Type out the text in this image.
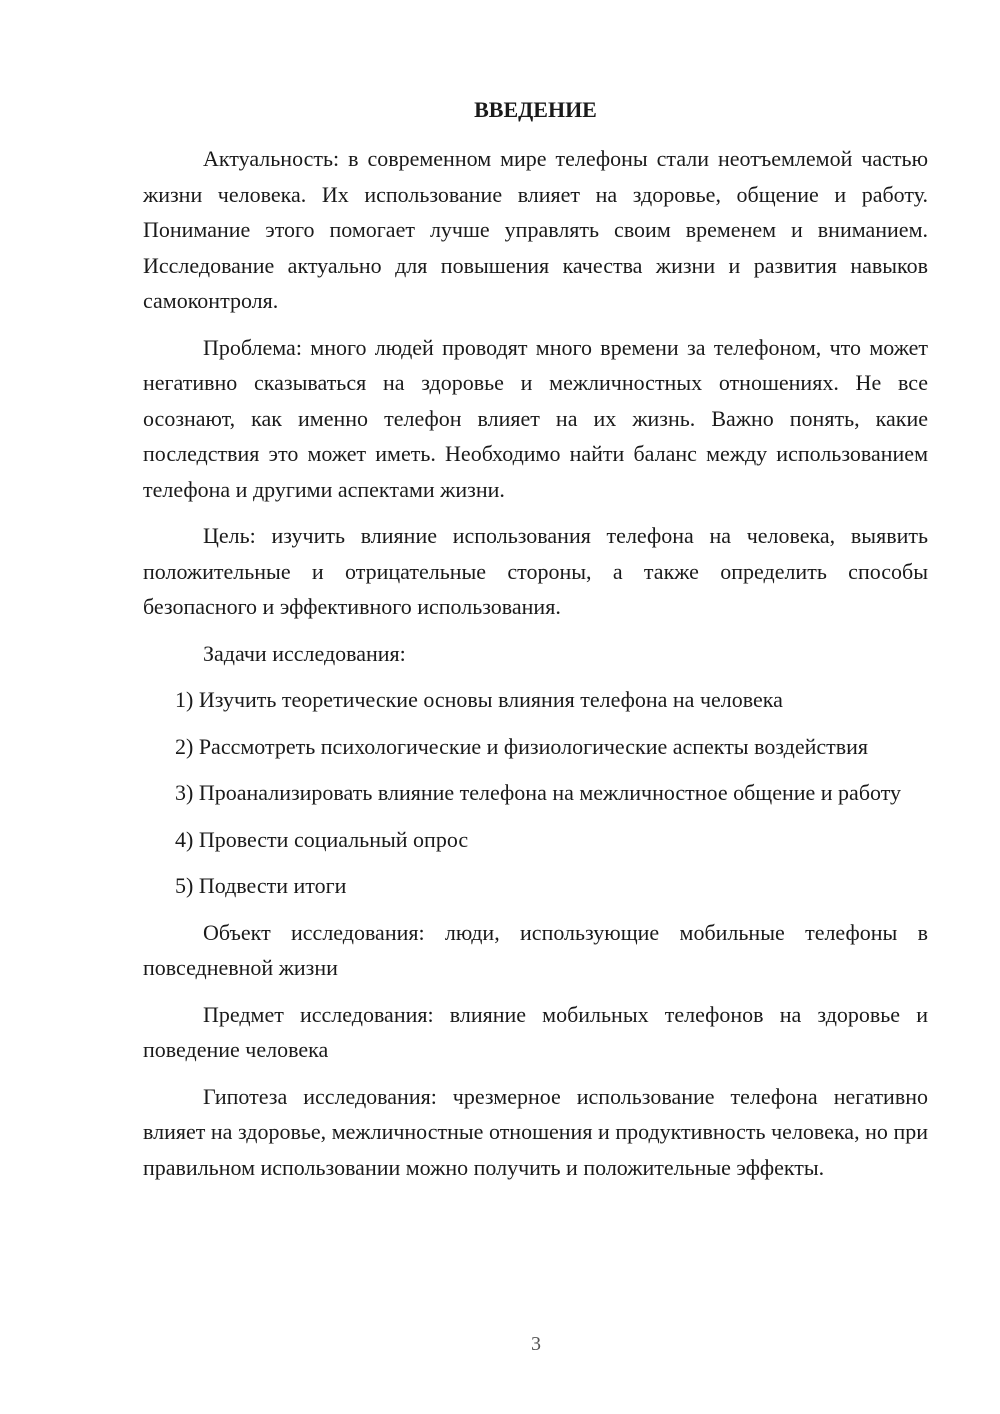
ВВЕДЕНИЕ

Актуальность: в современном мире телефоны стали неотъемлемой частью жизни человека. Их использование влияет на здоровье, общение и работу. Понимание этого помогает лучше управлять своим временем и вниманием. Исследование актуально для повышения качества жизни и развития навыков самоконтроля.

Проблема: много людей проводят много времени за телефоном, что может негативно сказываться на здоровье и межличностных отношениях. Не все осознают, как именно телефон влияет на их жизнь. Важно понять, какие последствия это может иметь. Необходимо найти баланс между использованием телефона и другими аспектами жизни.

Цель: изучить влияние использования телефона на человека, выявить положительные и отрицательные стороны, а также определить способы безопасного и эффективного использования.

Задачи исследования:

1) Изучить теоретические основы влияния телефона на человека

2) Рассмотреть психологические и физиологические аспекты воздействия

3) Проанализировать влияние телефона на межличностное общение и работу

4) Провести социальный опрос

5) Подвести итоги

Объект исследования: люди, использующие мобильные телефоны в повседневной жизни

Предмет исследования: влияние мобильных телефонов на здоровье и поведение человека

Гипотеза исследования: чрезмерное использование телефона негативно влияет на здоровье, межличностные отношения и продуктивность человека, но при правильном использовании можно получить и положительные эффекты.

3
